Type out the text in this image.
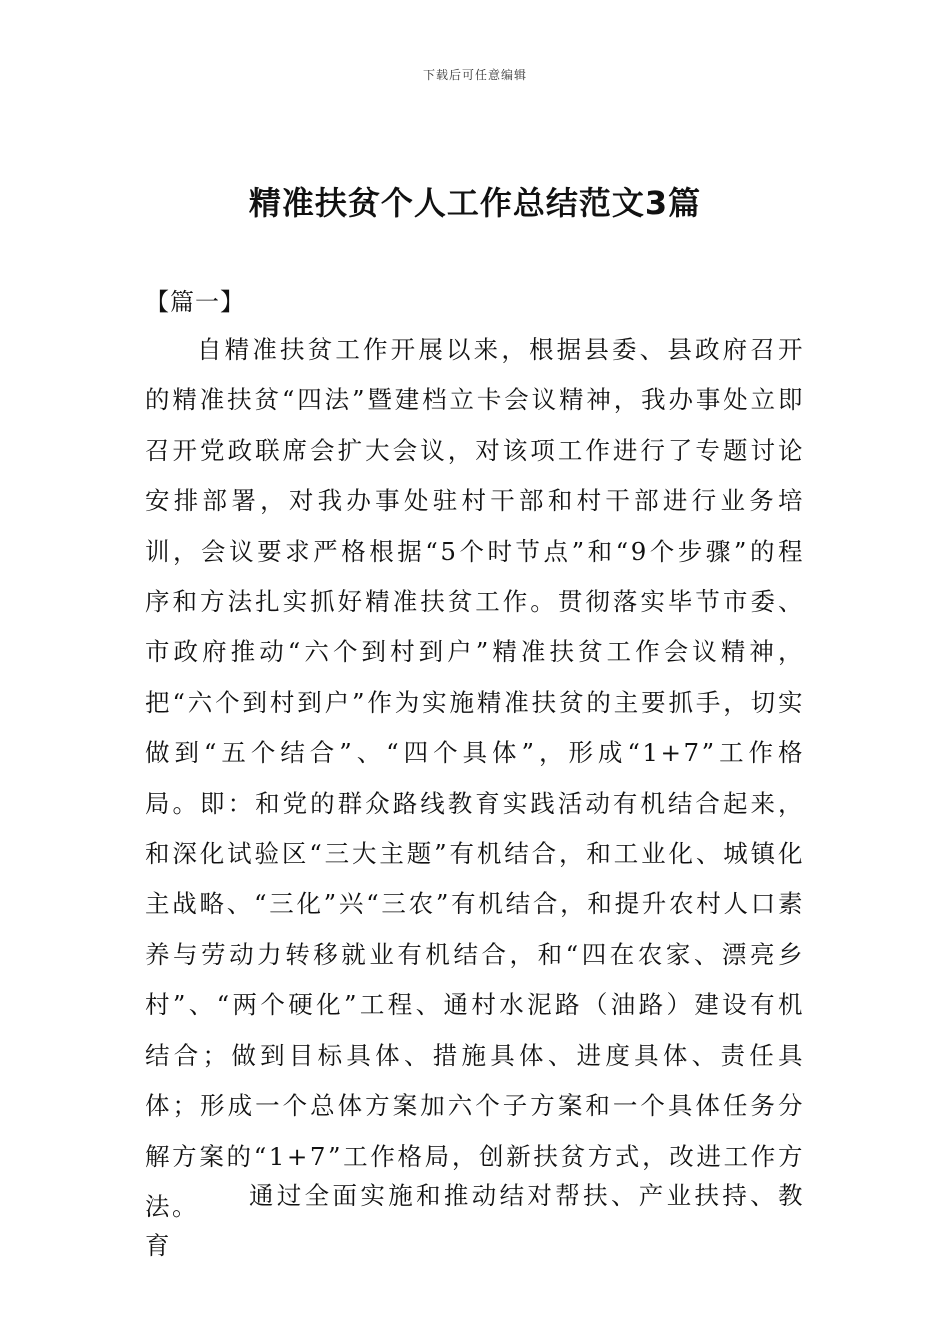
下载后可任意编辑
精准扶贫个人工作总结范文3篇
【篇一】

自精准扶贫工作开展以来，根据县委、县政府召开的精准扶贫“四法”暨建档立卡会议精神，我办事处立即召开党政联席会扩大会议，对该项工作进行了专题讨论安排部署，对我办事处驻村干部和村干部进行业务培训，会议要求严格根据“5个时节点”和“9个步骤”的程序和方法扎实抓好精准扶贫工作。贯彻落实毕节市委、市政府推动“六个到村到户”精准扶贫工作会议精神，把“六个到村到户”作为实施精准扶贫的主要抓手，切实做到“五个结合”、“四个具体”，形成“1+7”工作格局。即：和党的群众路线教育实践活动有机结合起来，和深化试验区“三大主题”有机结合，和工业化、城镇化主战略、“三化”兴“三农”有机结合，和提升农村人口素养与劳动力转移就业有机结合，和“四在农家、漂亮乡村”、“两个硬化”工程、通村水泥路（油路）建设有机结合；做到目标具体、措施具体、进度具体、责任具体；形成一个总体方案加六个子方案和一个具体任务分解方案的“1+7”工作格局，创新扶贫方式，改进工作方法。	通过全面实施和推动结对帮扶、产业扶持、教育
